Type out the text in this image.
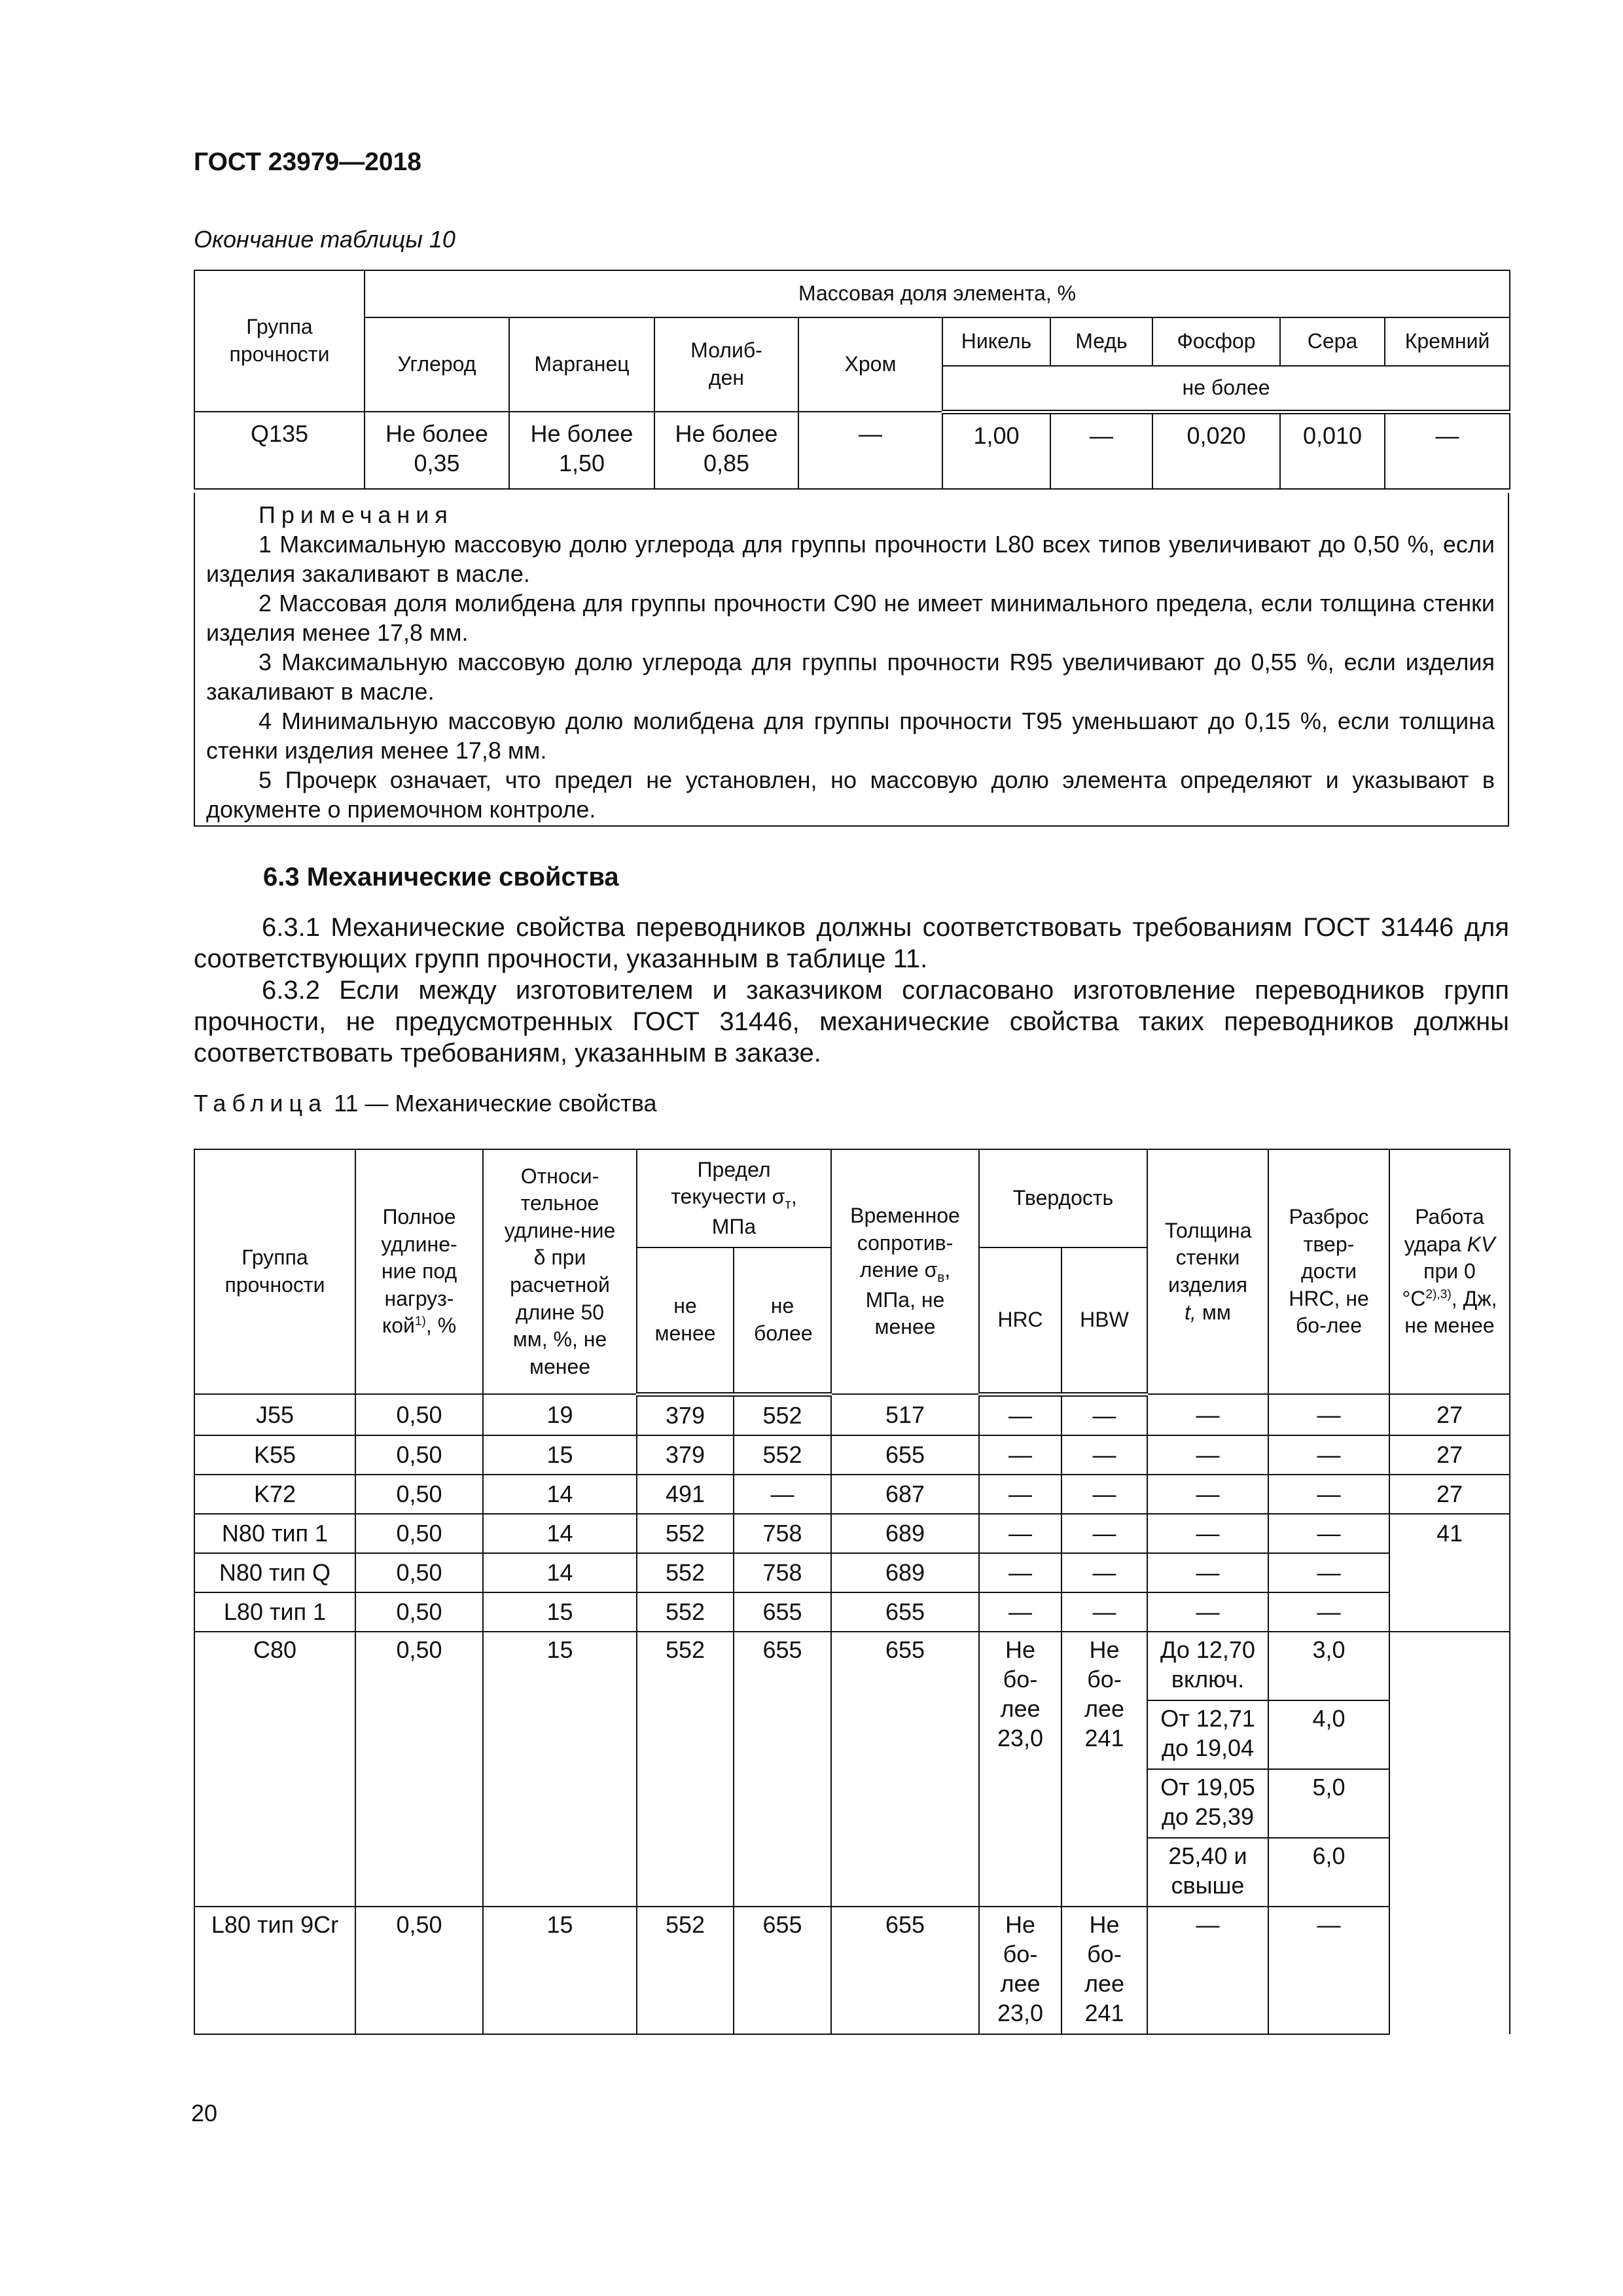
ГОСТ 23979—2018
Окончание таблицы 10
Группа прочности	Массовая доля элемента, %								
	Углерод	Марганец	Молиб-ден	Хром	Никель	Медь	Фосфор	Сера	Кремний
					не более				
Q135	Не более 0,35	Не более 1,50	Не более 0,85	—	1,00	—	0,020	0,010	—
Примечания
1 Максимальную массовую долю углерода для группы прочности L80 всех типов увеличивают до 0,50 %, если изделия закаливают в масле.
2 Массовая доля молибдена для группы прочности C90 не имеет минимального предела, если толщина стенки изделия менее 17,8 мм.
3 Максимальную массовую долю углерода для группы прочности R95 увеличивают до 0,55 %, если изделия закаливают в масле.
4 Минимальную массовую долю молибдена для группы прочности Т95 уменьшают до 0,15 %, если толщина стенки изделия менее 17,8 мм.
5 Прочерк означает, что предел не установлен, но массовую долю элемента определяют и указывают в документе о приемочном контроле.
6.3 Механические свойства

6.3.1 Механические свойства переводников должны соответствовать требованиям ГОСТ 31446 для соответствующих групп прочности, указанным в таблице 11.

6.3.2 Если между изготовителем и заказчиком согласовано изготовление переводников групп прочности, не предусмотренных ГОСТ 31446, механические свойства таких переводников должны соответствовать требованиям, указанным в заказе.

Таблица 11 — Механические свойства
Группа прочности	Полное удлине-ние под нагруз-кой$^{1)}$, %	Относи-тельное удлине-ние δ при расчетной длине 50 мм, %, не менее	Предел текучести $\sigma_т$, МПа		Временное сопротив-ление $\sigma_в$, МПа, не менее	Твердость		Толщина стенки изделия t, мм	Разброс твер-дости HRC, не бо-лее	Работа удара KV при 0 $^\circ С^{2),3)}$, Дж, не менее
			не менее	не более		HRC	HBW			
J55	0,50	19	379	552	517	—	—	—	—	27
K55	0,50	15	379	552	655	—	—	—	—	27
K72	0,50	14	491	—	687	—	—	—	—	27
N80 тип 1	0,50	14	552	758	689	—	—	—	—	41
N80 тип Q	0,50	14	552	758	689	—	—	—	—	
L80 тип 1	0,50	15	552	655	655	—	—	—	—	
C80	0,50	15	552	655	655	Не бо-лее 23,0	Не бо-лее 241	До 12,70 включ.	3,0	
								От 12,71 до 19,04	4,0	
								От 19,05 до 25,39	5,0	
								25,40 и свыше	6,0	
L80 тип 9Cr	0,50	15	552	655	655	Не бо-лее 23,0	Не бо-лее 241	—	—	
20
